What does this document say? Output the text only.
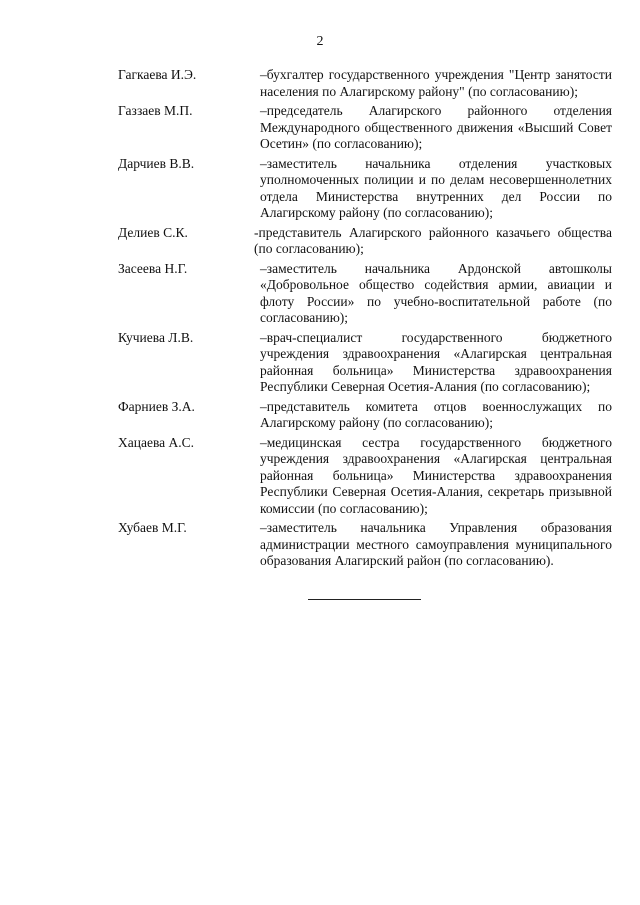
2
Гагкаева И.Э.	–бухгалтер государственного учреждения "Центр занятости населения по Алагирскому району" (по согласованию);
Газзаев М.П.	–председатель Алагирского районного отделения Международного общественного движения «Высший Совет Осетин» (по согласованию);
Дарчиев В.В.	–заместитель начальника отделения участковых уполномоченных полиции и по делам несовершеннолетних отдела Министерства внутренних дел России по Алагирскому району (по согласованию);
Делиев С.К.	-представитель Алагирского районного казачьего общества (по согласованию);
Засеева Н.Г.	–заместитель начальника Ардонской автошколы «Добровольное общество содействия армии, авиации и флоту России» по учебно-воспитательной работе (по согласованию);
Кучиева Л.В.	–врач-специалист государственного бюджетного учреждения здравоохранения «Алагирская центральная районная больница» Министерства здравоохранения Республики Северная Осетия-Алания (по согласованию);
Фарниев З.А.	–представитель комитета отцов военнослужащих по Алагирскому району (по согласованию);
Хацаева А.С.	–медицинская сестра государственного бюджетного учреждения здравоохранения «Алагирская центральная районная больница» Министерства здравоохранения Республики Северная Осетия-Алания, секретарь призывной комиссии (по согласованию);
Хубаев М.Г.	–заместитель начальника Управления образования администрации местного самоуправления муниципального образования Алагирский район (по согласованию).
